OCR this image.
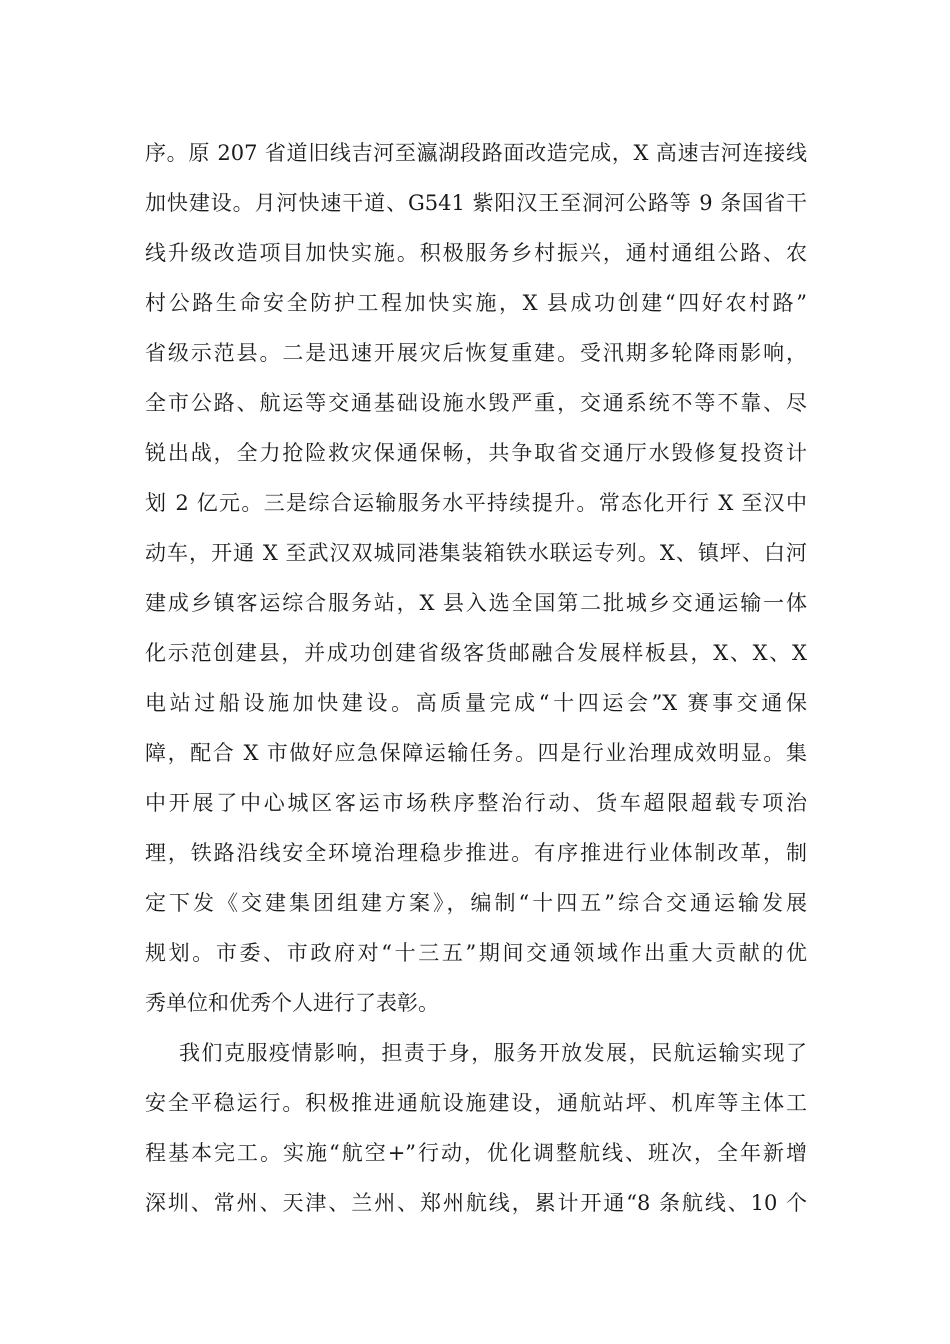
序。原 207 省道旧线吉河至瀛湖段路面改造完成，X 高速吉河连接线
加快建设。月河快速干道、G541 紫阳汉王至洞河公路等 9 条国省干
线升级改造项目加快实施。积极服务乡村振兴，通村通组公路、农
村公路生命安全防护工程加快实施，X 县成功创建“四好农村路”
省级示范县。二是迅速开展灾后恢复重建。受汛期多轮降雨影响，
全市公路、航运等交通基础设施水毁严重，交通系统不等不靠、尽
锐出战，全力抢险救灾保通保畅，共争取省交通厅水毁修复投资计
划 2 亿元。三是综合运输服务水平持续提升。常态化开行 X 至汉中
动车，开通 X 至武汉双城同港集装箱铁水联运专列。X、镇坪、白河
建成乡镇客运综合服务站，X 县入选全国第二批城乡交通运输一体
化示范创建县，并成功创建省级客货邮融合发展样板县，X、X、X
电站过船设施加快建设。高质量完成“十四运会”X 赛事交通保
障，配合 X 市做好应急保障运输任务。四是行业治理成效明显。集
中开展了中心城区客运市场秩序整治行动、货车超限超载专项治
理，铁路沿线安全环境治理稳步推进。有序推进行业体制改革，制
定下发《交建集团组建方案》，编制“十四五”综合交通运输发展
规划。市委、市政府对“十三五”期间交通领域作出重大贡献的优
秀单位和优秀个人进行了表彰。
我们克服疫情影响，担责于身，服务开放发展，民航运输实现了
安全平稳运行。积极推进通航设施建设，通航站坪、机库等主体工
程基本完工。实施“航空+”行动，优化调整航线、班次，全年新增
深圳、常州、天津、兰州、郑州航线，累计开通“8 条航线、10 个
